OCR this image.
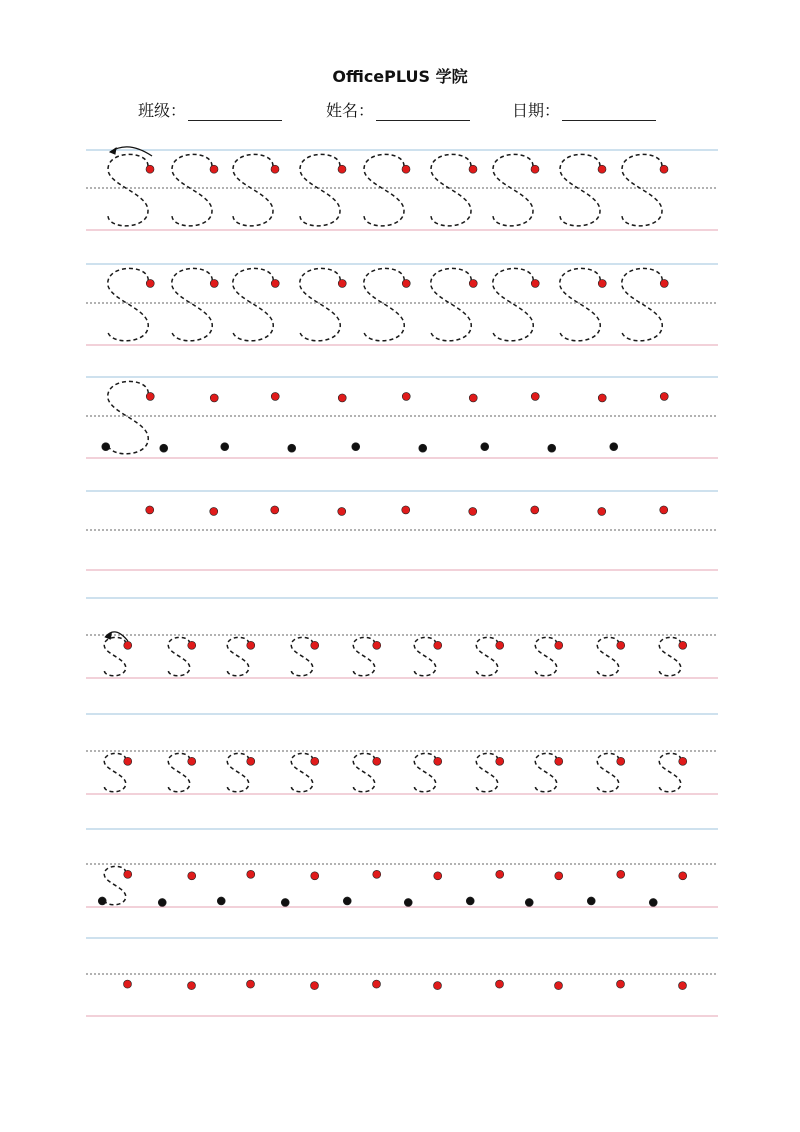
OfficePLUS 学院
班级：	姓名：	日期：
